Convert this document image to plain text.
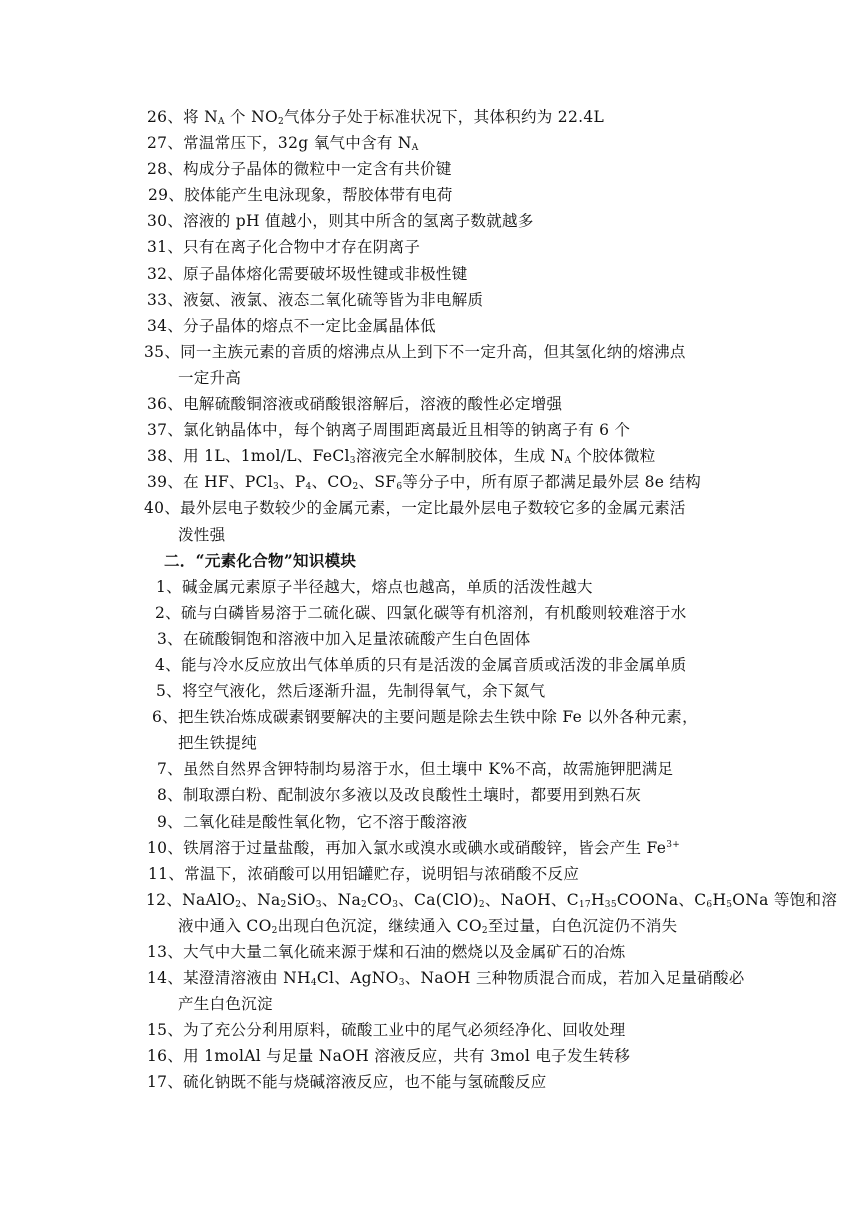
26、将 $N_A$ 个 $NO_2$气体分子处于标准状况下，其体积约为 22.4L
27、常温常压下，32g 氧气中含有 $N_A$
28、构成分子晶体的微粒中一定含有共价键
29、胶体能产生电泳现象，帮胶体带有电荷
30、溶液的 pH 值越小，则其中所含的氢离子数就越多
31、只有在离子化合物中才存在阴离子
32、原子晶体熔化需要破坏圾性键或非极性键
33、液氨、液氯、液态二氧化硫等皆为非电解质
34、分子晶体的熔点不一定比金属晶体低
35、同一主族元素的音质的熔沸点从上到下不一定升高，但其氢化纳的熔沸点
一定升高
36、电解硫酸铜溶液或硝酸银溶解后，溶液的酸性必定增强
37、氯化钠晶体中，每个钠离子周围距离最近且相等的钠离子有 6 个
38、用 1L、1mol/L、FeCl$_3$溶液完全水解制胶体，生成 $N_A$ 个胶体微粒
39、在 HF、PCl$_3$、$P_4$、$CO_2$、$SF_6$等分子中，所有原子都满足最外层 8e 结构
40、最外层电子数较少的金属元素，一定比最外层电子数较它多的金属元素活
泼性强
二．“元素化合物”知识模块
1、碱金属元素原子半径越大，熔点也越高，单质的活泼性越大
2、硫与白磷皆易溶于二硫化碳、四氯化碳等有机溶剂，有机酸则较难溶于水
3、在硫酸铜饱和溶液中加入足量浓硫酸产生白色固体
4、能与冷水反应放出气体单质的只有是活泼的金属音质或活泼的非金属单质
5、将空气液化，然后逐渐升温，先制得氧气，余下氮气
6、把生铁冶炼成碳素钢要解决的主要问题是除去生铁中除 Fe 以外各种元素，
把生铁提纯
7、虽然自然界含钾特制均易溶于水，但土壤中 K%不高，故需施钾肥满足
8、制取漂白粉、配制波尔多液以及改良酸性土壤时，都要用到熟石灰
9、二氧化硅是酸性氧化物，它不溶于酸溶液
10、铁屑溶于过量盐酸，再加入氯水或溴水或碘水或硝酸锌，皆会产生 $Fe^{3+}$
11、常温下，浓硝酸可以用铝罐贮存，说明铝与浓硝酸不反应
12、NaAlO$_2$、$Na_2SiO_3$、$Na_2CO_3$、$Ca(ClO)_2$、NaOH、$C_{17}H_{35}COONa$、$C_6H_5ONa$ 等饱和溶
液中通入 $CO_2$出现白色沉淀，继续通入 $CO_2$至过量，白色沉淀仍不消失
13、大气中大量二氧化硫来源于煤和石油的燃烧以及金属矿石的冶炼
14、某澄清溶液由 $NH_4Cl$、AgNO$_3$、NaOH 三种物质混合而成，若加入足量硝酸必
产生白色沉淀
15、为了充公分利用原料，硫酸工业中的尾气必须经净化、回收处理
16、用 1molAl 与足量 NaOH 溶液反应，共有 3mol 电子发生转移
17、硫化钠既不能与烧碱溶液反应，也不能与氢硫酸反应
